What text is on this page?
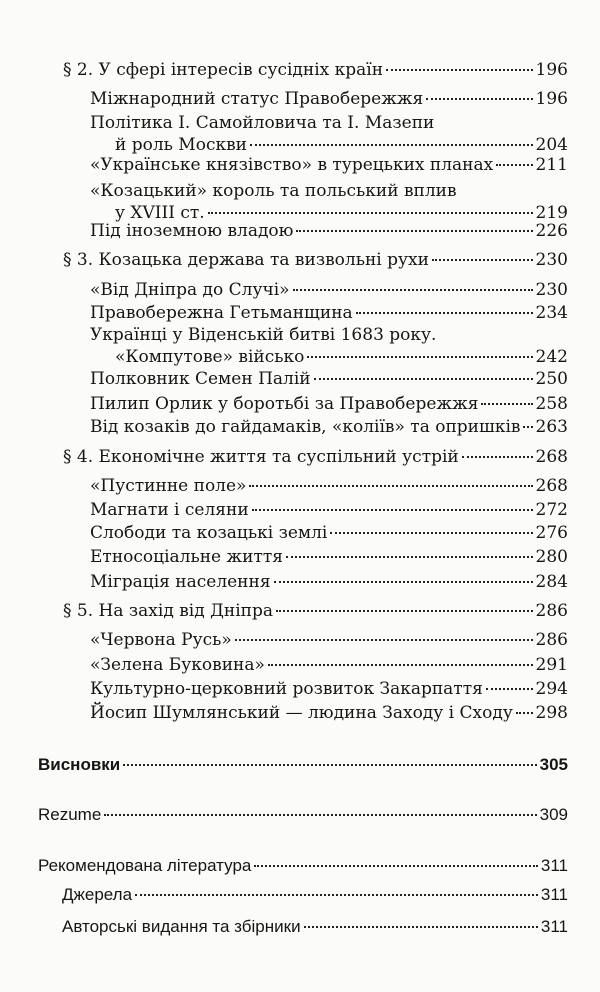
§ 2. У сфері інтересів сусідніх країн	196
Міжнародний статус Правобережжя	196
Політика І. Самойловича та І. Мазепи
й роль Москви	204
«Українське князівство» в турецьких планах 211
«Козацький» король та польський вплив
у XVIII ст.	219
Під іноземною владою	226
§ 3. Козацька держава та визвольні рухи	230
«Від Дніпра до Случі»	230
Правобережна Гетьманщина	234
Українці у Віденській битві 1683 року.
«Компутове» військо	242
Полковник Семен Палій	250
Пилип Орлик у боротьбі за Правобережжя	258
Від козаків до гайдамаків, «коліїв» та опришків 263
§ 4. Економічне життя та суспільний устрій	268
«Пустинне поле»	268
Магнати і селяни	272
Слободи та козацькі землі	276
Етносоціальне життя	280
Міграція населення	284
§ 5. На захід від Дніпра	286
«Червона Русь»	286
«Зелена Буковина»	291
Культурно-церковний розвиток Закарпаття	294
Йосип Шумлянський — людина Заходу і Сходу 298
Висновки	305
Rezume	309
Рекомендована література	311
Джерела	311
Авторські видання та збірники	311
